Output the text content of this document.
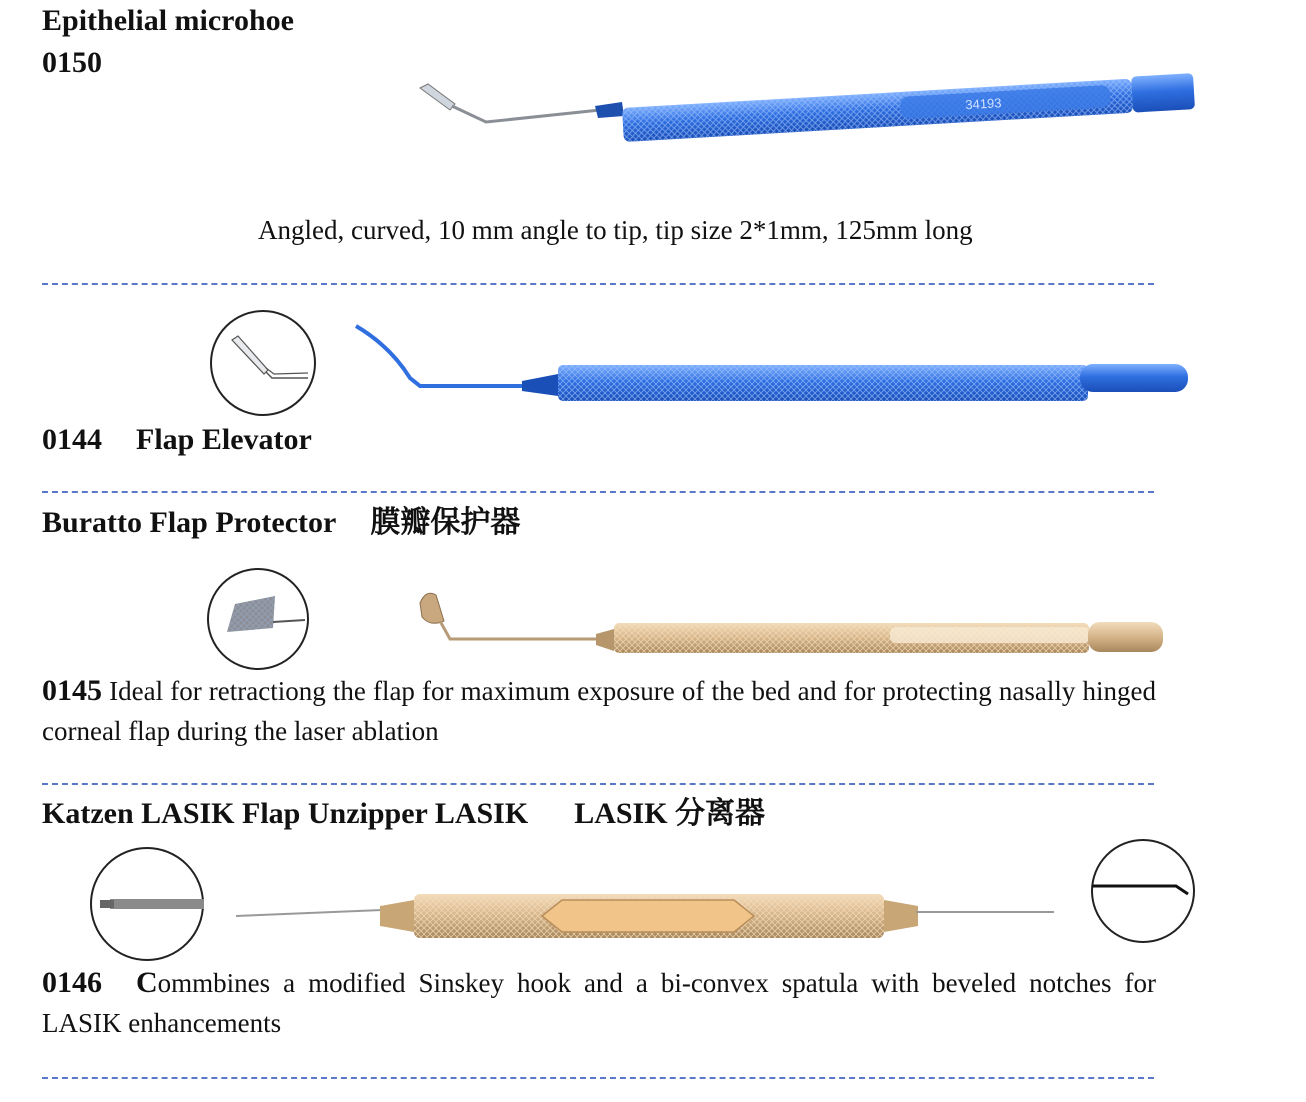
Epithelial microhoe
0150
34193
Angled, curved, 10 mm angle to tip, tip size 2*1mm, 125mm long
0144 Flap Elevator
Buratto Flap Protector 膜瓣保护器
0145 Ideal for retractiong the flap for maximum exposure of the bed and for protecting nasally hinged corneal flap during the laser ablation
Katzen LASIK Flap Unzipper LASIK LASIK 分离器
0146 Commbines a modified Sinskey hook and a bi-convex spatula with beveled notches for LASIK enhancements
